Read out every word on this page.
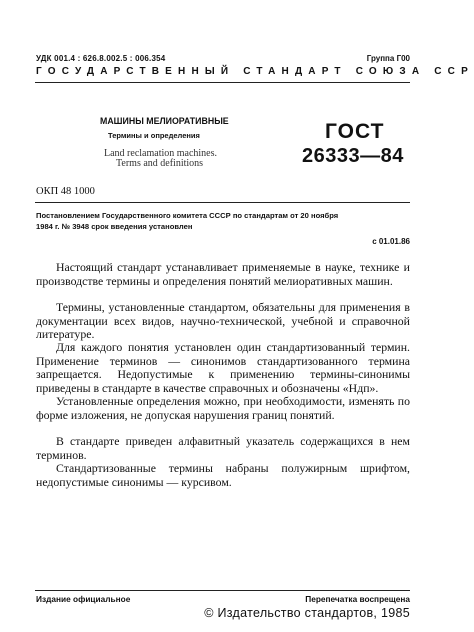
УДК 001.4 : 626.8.002.5 : 006.354	Группа Г00
ГОСУДАРСТВЕННЫЙ СТАНДАРТ СОЮЗА ССР
МАШИНЫ МЕЛИОРАТИВНЫЕ
Термины и определения
Land reclamation machines.
Terms and definitions
ГОСТ
26333—84
ОКП 48 1000
Постановлением Государственного комитета СССР по стандартам от 20 ноября
1984 г. № 3948 срок введения установлен
с 01.01.86
Настоящий стандарт устанавливает применяемые в науке, технике и производстве термины и определения понятий мелиоративных машин.
Термины, установленные стандартом, обязательны для применения в документации всех видов, научно-технической, учебной и справочной литературе.
Для каждого понятия установлен один стандартизованный термин. Применение терминов — синонимов стандартизованного термина запрещается. Недопустимые к применению термины-синонимы приведены в стандарте в качестве справочных и обозначены «Ндп».
Установленные определения можно, при необходимости, изменять по форме изложения, не допуская нарушения границ понятий.
В стандарте приведен алфавитный указатель содержащихся в нем терминов.
Стандартизованные термины набраны полужирным шрифтом, недопустимые синонимы — курсивом.
Издание официальное	Перепечатка воспрещена
© Издательство стандартов, 1985
